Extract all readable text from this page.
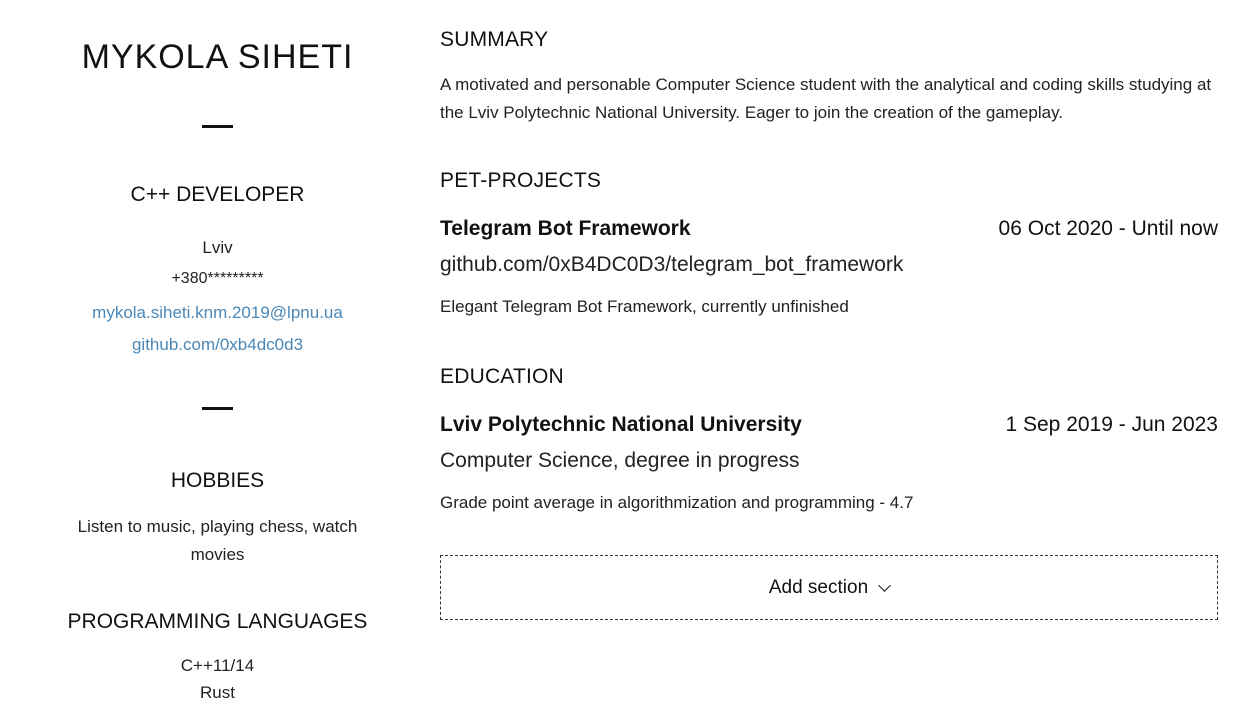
MYKOLA SIHETI
C++ DEVELOPER
Lviv
+380*********
mykola.siheti.knm.2019@lpnu.ua
github.com/0xb4dc0d3
HOBBIES
Listen to music, playing chess, watch movies
PROGRAMMING LANGUAGES
C++11/14
Rust
SUMMARY

A motivated and personable Computer Science student with the analytical and coding skills studying at the Lviv Polytechnic National University. Eager to join the creation of the gameplay.

PET-PROJECTS
Telegram Bot Framework	06 Oct 2020 - Until now
github.com/0xB4DC0D3/telegram_bot_framework
Elegant Telegram Bot Framework, currently unfinished
EDUCATION
Lviv Polytechnic National University	1 Sep 2019 - Jun 2023
Computer Science, degree in progress
Grade point average in algorithmization and programming - 4.7
Add section
